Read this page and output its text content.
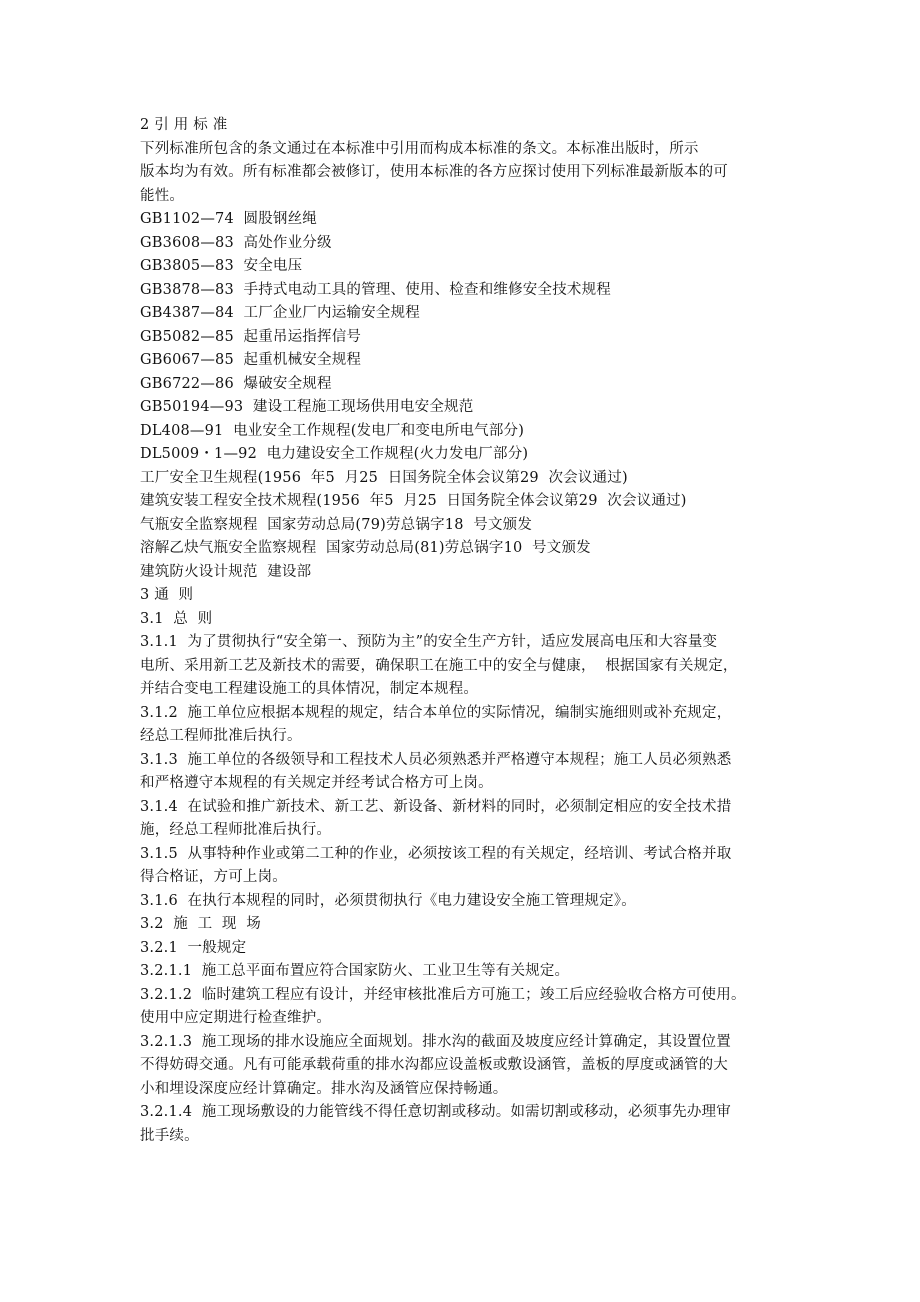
2 引 用 标 准
下列标准所包含的条文通过在本标准中引用而构成本标准的条文。本标准出版时，所示
版本均为有效。所有标准都会被修订，使用本标准的各方应探讨使用下列标准最新版本的可
能性。
GB1102—74  圆股钢丝绳
GB3608—83  高处作业分级
GB3805—83  安全电压
GB3878—83  手持式电动工具的管理、使用、检查和维修安全技术规程
GB4387—84  工厂企业厂内运输安全规程
GB5082—85  起重吊运指挥信号
GB6067—85  起重机械安全规程
GB6722—86  爆破安全规程
GB50194—93  建设工程施工现场供用电安全规范
DL408—91  电业安全工作规程(发电厂和变电所电气部分)
DL5009・1—92  电力建设安全工作规程(火力发电厂部分)
工厂安全卫生规程(1956  年5  月25  日国务院全体会议第29  次会议通过)
建筑安装工程安全技术规程(1956  年5  月25  日国务院全体会议第29  次会议通过)
气瓶安全监察规程  国家劳动总局(79)劳总锅字18  号文颁发
溶解乙炔气瓶安全监察规程  国家劳动总局(81)劳总锅字10  号文颁发
建筑防火设计规范  建设部
3 通  则
3.1  总  则
3.1.1  为了贯彻执行“安全第一、预防为主”的安全生产方针，适应发展高电压和大容量变
电所、采用新工艺及新技术的需要，确保职工在施工中的安全与健康，  根据国家有关规定，
并结合变电工程建设施工的具体情况，制定本规程。
3.1.2  施工单位应根据本规程的规定，结合本单位的实际情况，编制实施细则或补充规定，
经总工程师批准后执行。
3.1.3  施工单位的各级领导和工程技术人员必须熟悉并严格遵守本规程；施工人员必须熟悉
和严格遵守本规程的有关规定并经考试合格方可上岗。
3.1.4  在试验和推广新技术、新工艺、新设备、新材料的同时，必须制定相应的安全技术措
施，经总工程师批准后执行。
3.1.5  从事特种作业或第二工种的作业，必须按该工程的有关规定，经培训、考试合格并取
得合格证，方可上岗。
3.1.6  在执行本规程的同时，必须贯彻执行《电力建设安全施工管理规定》。
3.2  施  工  现  场
3.2.1  一般规定
3.2.1.1  施工总平面布置应符合国家防火、工业卫生等有关规定。
3.2.1.2  临时建筑工程应有设计，并经审核批准后方可施工；竣工后应经验收合格方可使用。
使用中应定期进行检查维护。
3.2.1.3  施工现场的排水设施应全面规划。排水沟的截面及坡度应经计算确定，其设置位置
不得妨碍交通。凡有可能承载荷重的排水沟都应设盖板或敷设涵管，盖板的厚度或涵管的大
小和埋设深度应经计算确定。排水沟及涵管应保持畅通。
3.2.1.4  施工现场敷设的力能管线不得任意切割或移动。如需切割或移动，必须事先办理审
批手续。
